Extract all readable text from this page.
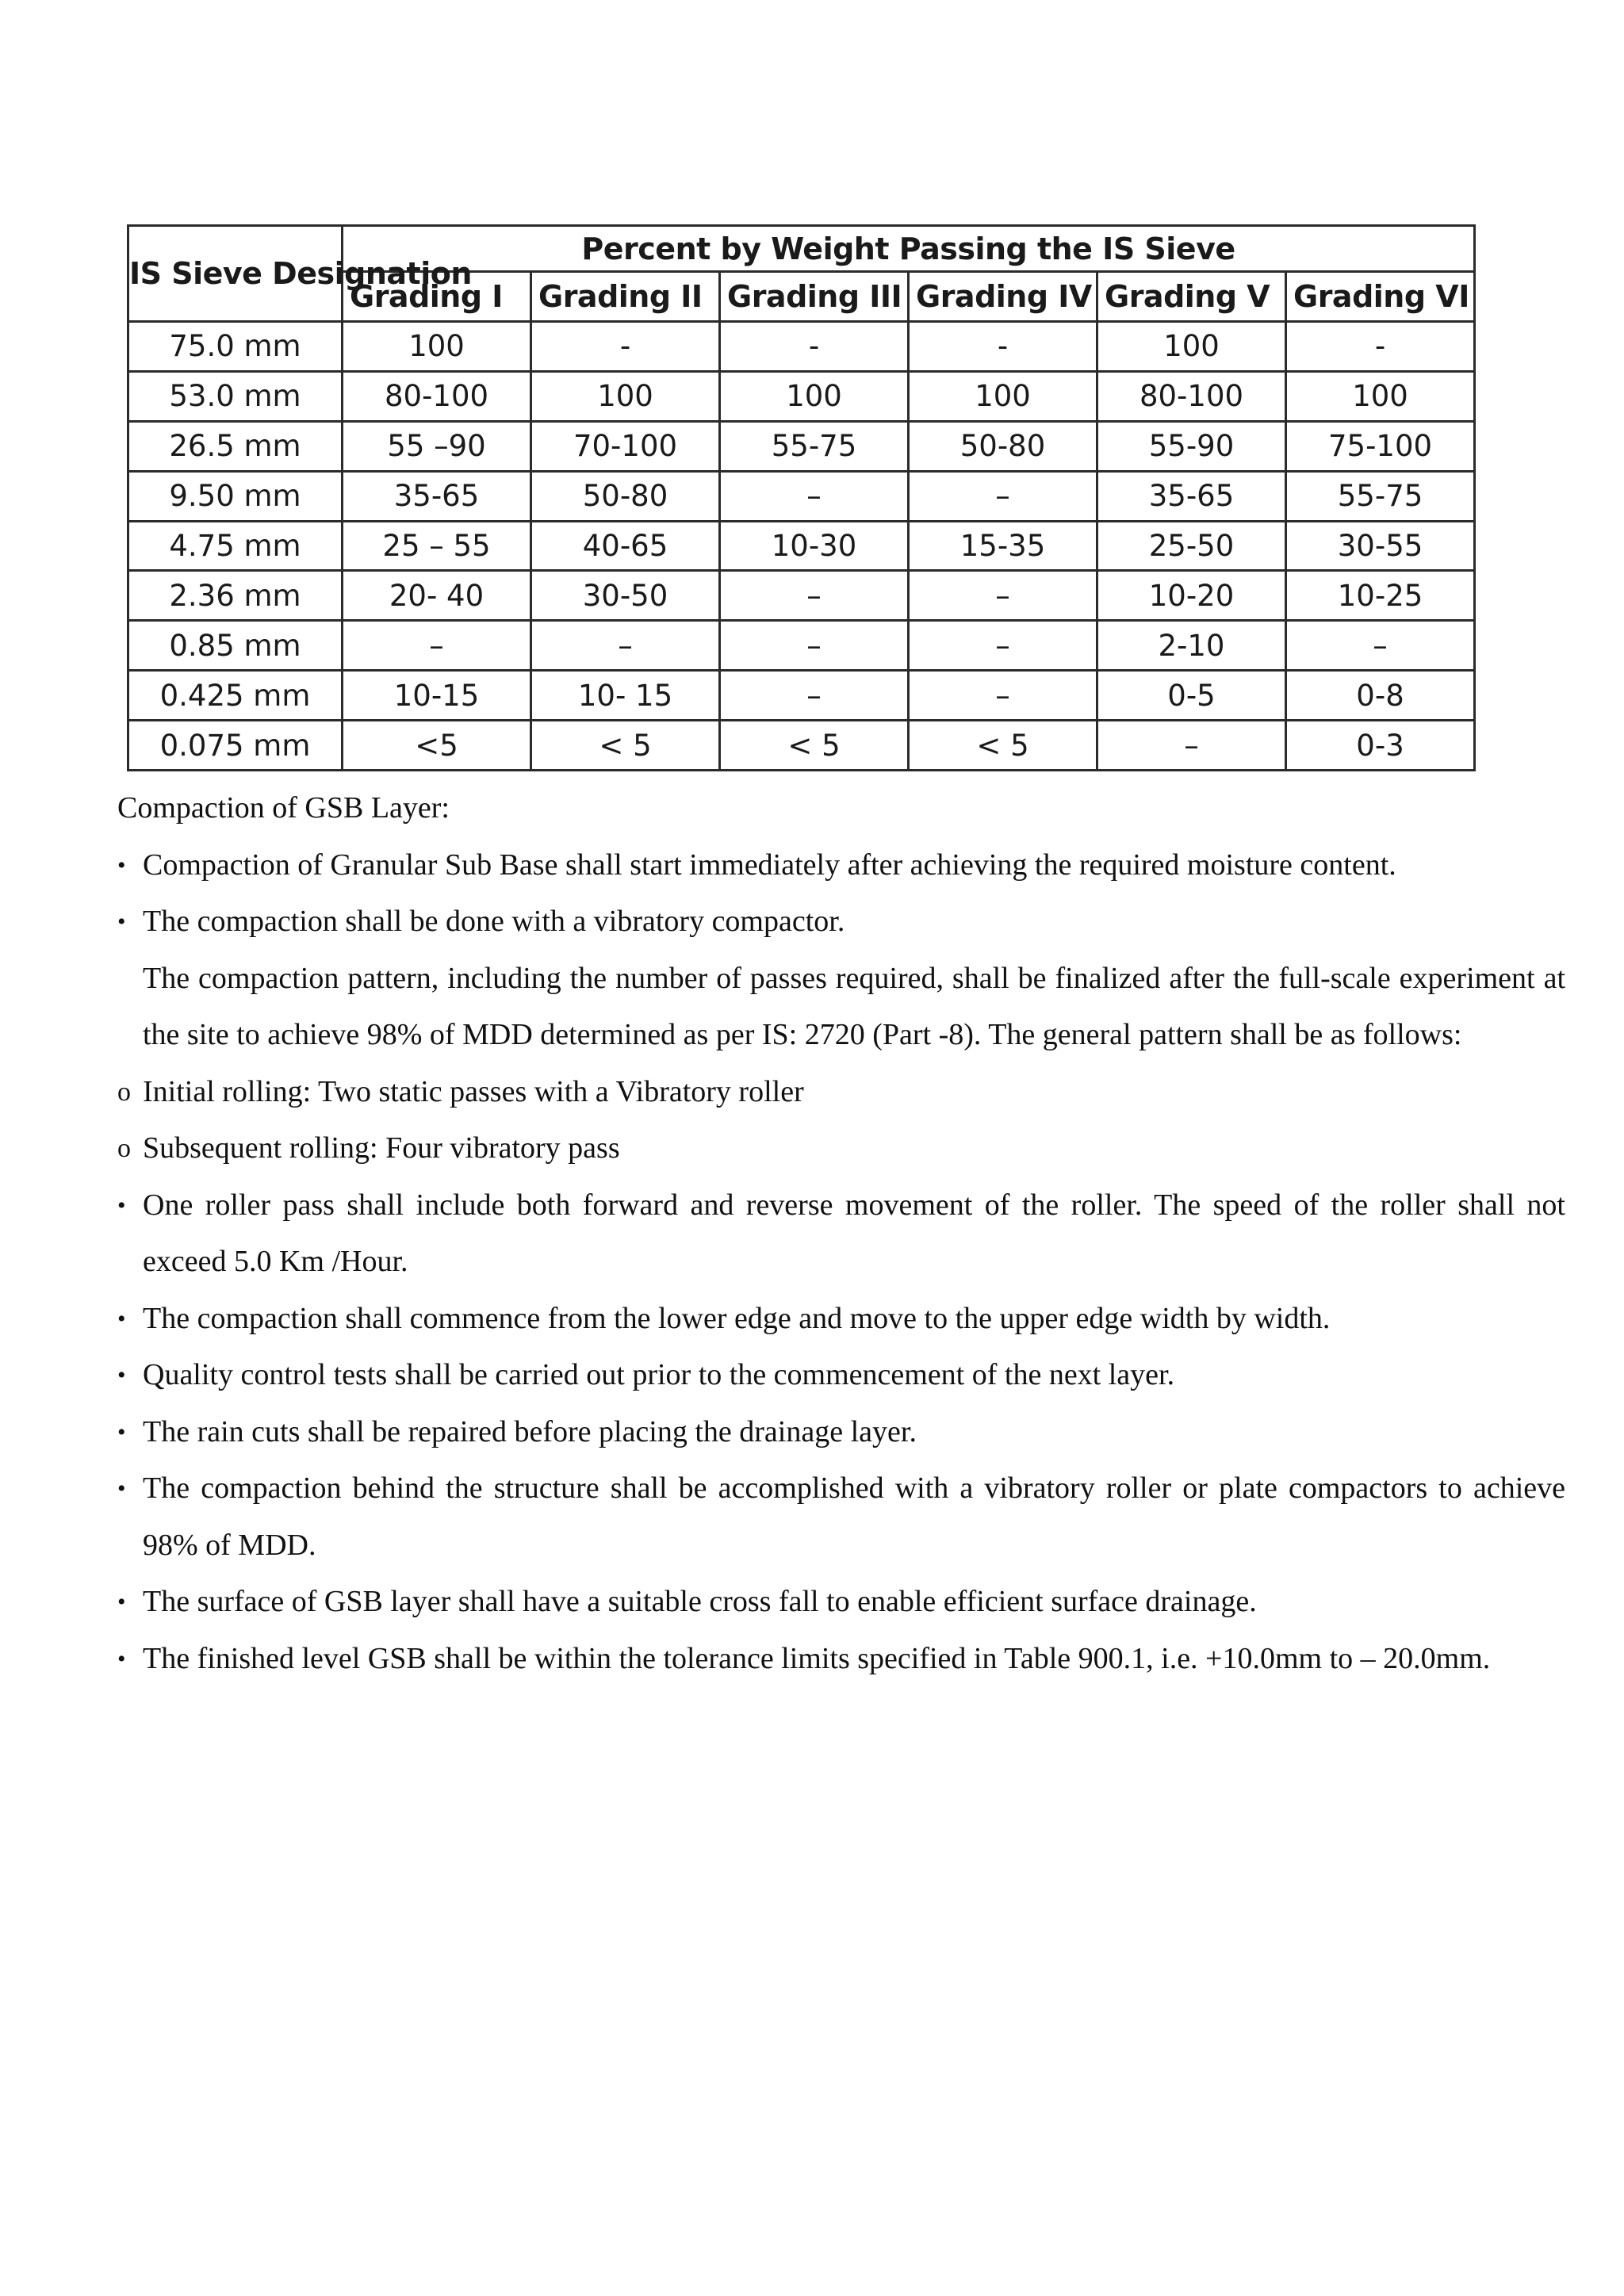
IS Sieve Designation	Percent by Weight Passing the IS Sieve					
	Grading I	Grading II	Grading III	Grading IV	Grading V	Grading VI
75.0 mm	100	-	-	-	100	-
53.0 mm	80-100	100	100	100	80-100	100
26.5 mm	55 –90	70-100	55-75	50-80	55-90	75-100
9.50 mm	35-65	50-80	–	–	35-65	55-75
4.75 mm	25 – 55	40-65	10-30	15-35	25-50	30-55
2.36 mm	20- 40	30-50	–	–	10-20	10-25
0.85 mm	–	–	–	–	2-10	–
0.425 mm	10-15	10- 15	–	–	0-5	0-8
0.075 mm	<5	< 5	< 5	< 5	–	0-3

Compaction of GSB Layer:

• Compaction of Granular Sub Base shall start immediately after achieving the required moisture content.

• The compaction shall be done with a vibratory compactor.

The compaction pattern, including the number of passes required, shall be finalized after the full-scale experiment at the site to achieve 98% of MDD determined as per IS: 2720 (Part -8). The general pattern shall be as follows:

o Initial rolling: Two static passes with a Vibratory roller

o Subsequent rolling: Four vibratory pass

• One roller pass shall include both forward and reverse movement of the roller. The speed of the roller shall not exceed 5.0 Km /Hour.

• The compaction shall commence from the lower edge and move to the upper edge width by width.

• Quality control tests shall be carried out prior to the commencement of the next layer.

• The rain cuts shall be repaired before placing the drainage layer.

• The compaction behind the structure shall be accomplished with a vibratory roller or plate compactors to achieve 98% of MDD.

• The surface of GSB layer shall have a suitable cross fall to enable efficient surface drainage.

• The finished level GSB shall be within the tolerance limits specified in Table 900.1, i.e. +10.0mm to – 20.0mm.
